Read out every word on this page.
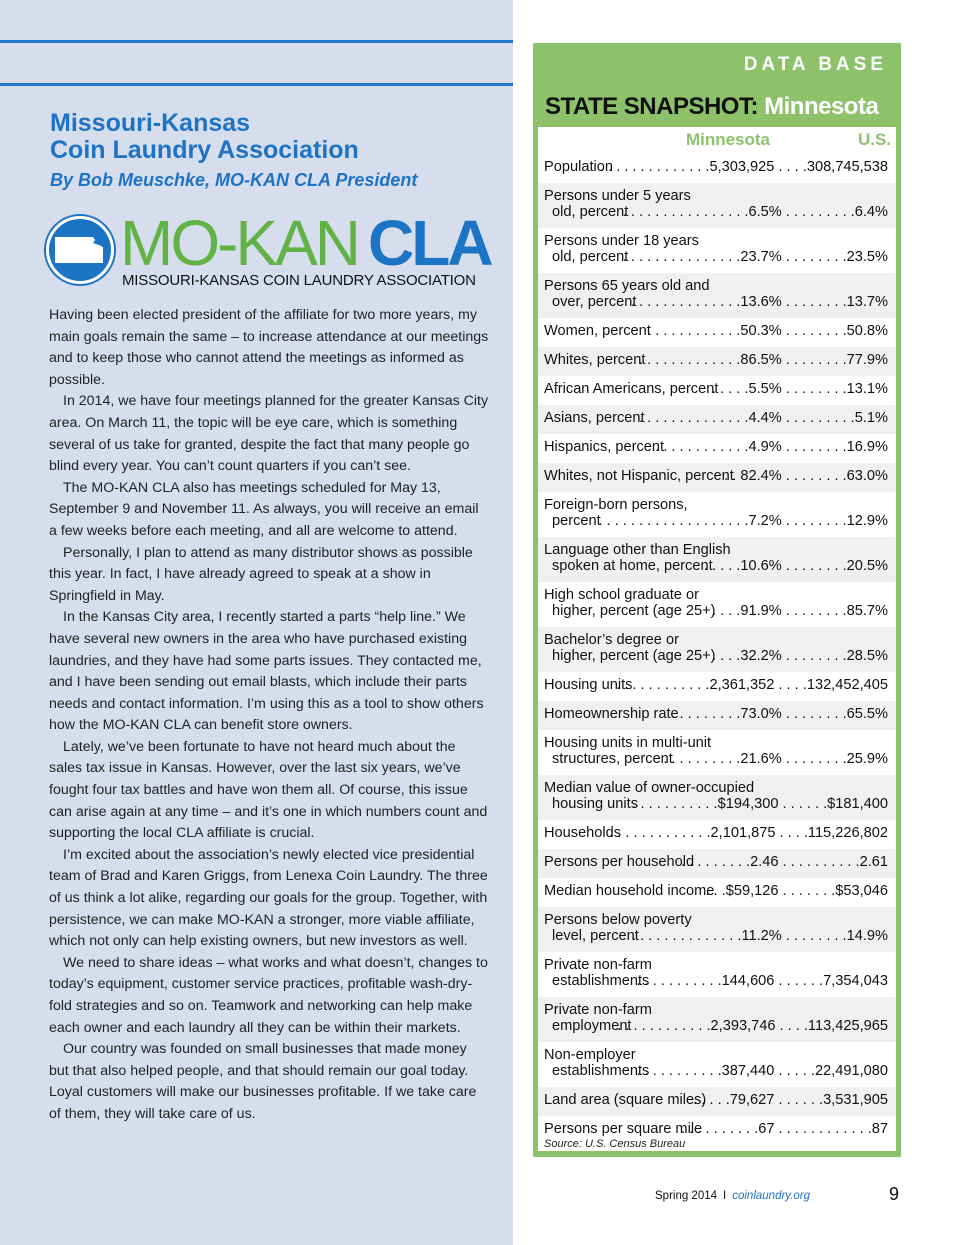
Missouri-Kansas
Coin Laundry Association
By Bob Meuschke, MO-KAN CLA President
MO-KAN CLA
MISSOURI-KANSAS COIN LAUNDRY ASSOCIATION

Having been elected president of the affiliate for two more years, my main goals remain the same – to increase attendance at our meetings and to keep those who cannot attend the meetings as informed as possible.

In 2014, we have four meetings planned for the greater Kansas City area. On March 11, the topic will be eye care, which is something several of us take for granted, despite the fact that many people go blind every year. You can’t count quarters if you can’t see.

The MO-KAN CLA also has meetings scheduled for May 13, September 9 and November 11. As always, you will receive an email a few weeks before each meeting, and all are welcome to attend.

Personally, I plan to attend as many distributor shows as possible this year. In fact, I have already agreed to speak at a show in Springfield in May.

In the Kansas City area, I recently started a parts “help line.” We have several new owners in the area who have purchased existing laundries, and they have had some parts issues. They contacted me, and I have been sending out email blasts, which include their parts needs and contact information. I’m using this as a tool to show others how the MO-KAN CLA can benefit store owners.

Lately, we’ve been fortunate to have not heard much about the sales tax issue in Kansas. However, over the last six years, we’ve fought four tax battles and have won them all. Of course, this issue can arise again at any time – and it’s one in which numbers count and supporting the local CLA affiliate is crucial.

I’m excited about the association’s newly elected vice presidential team of Brad and Karen Griggs, from Lenexa Coin Laundry. The three of us think a lot alike, regarding our goals for the group. Together, with persistence, we can make MO-KAN a stronger, more viable affiliate, which not only can help existing owners, but new investors as well.

We need to share ideas – what works and what doesn’t, changes to today’s equipment, customer service practices, profitable wash-dry-fold strategies and so on. Teamwork and networking can help make each owner and each laundry all they can be within their markets.

Our country was founded on small businesses that made money but that also helped people, and that should remain our goal today. Loyal customers will make our businesses profitable. If we take care of them, they will take care of us.

DATA BASE
STATE SNAPSHOT: Minnesota
Minnesota	U.S.
Population
. . . . . . . . . . . . . .5,303,925 . . . .308,745,538
Persons under 5 years
old, percent
. . . . . . . . . . . . . . . .6.5% . . . . . . . . .6.4%
Persons under 18 years
old, percent
. . . . . . . . . . . . . . .23.7% . . . . . . . .23.5%
Persons 65 years old and
over, percent
. . . . . . . . . . . . . .13.6% . . . . . . . .13.7%
Women, percent
. . . . . . . . . . . .50.3% . . . . . . . .50.8%
Whites, percent
. . . . . . . . . . . . .86.5% . . . . . . . .77.9%
African Americans, percent
. . . . .5.5% . . . . . . . .13.1%
Asians, percent
. . . . . . . . . . . . . .4.4% . . . . . . . . .5.1%
Hispanics, percent
. . . . . . . . . . . .4.9% . . . . . . . .16.9%
Whites, not Hispanic, percent
. . 82.4% . . . . . . . .63.0%
Foreign-born persons,
percent
. . . . . . . . . . . . . . . . . . .7.2% . . . . . . . .12.9%
Language other than English
spoken at home, percent
. . . . .10.6% . . . . . . . .20.5%
High school graduate or
higher, percent (age 25+)
. . . .91.9% . . . . . . . .85.7%
Bachelor’s degree or
higher, percent (age 25+)
. . . .32.2% . . . . . . . .28.5%
Housing units
. . . . . . . . . . . .2,361,352 . . . .132,452,405
Homeownership rate
. . . . . . . . .73.0% . . . . . . . .65.5%
Housing units in multi-unit
structures, percent
. . . . . . . . . .21.6% . . . . . . . .25.9%
Median value of owner-occupied
housing units
. . . . . . . . . . .$194,300 . . . . . .$181,400
Households
. . . . . . . . . . . . .2,101,875 . . . .115,226,802
Persons per household
. . . . . . . . .2.46 . . . . . . . . . .2.61
Median household income
. . .$59,126 . . . . . . .$53,046
Persons below poverty
level, percent
. . . . . . . . . . . . . .11.2% . . . . . . . .14.9%
Private non-farm
establishments
. . . . . . . . . . .144,606 . . . . . .7,354,043
Private non-farm
employment
. . . . . . . . . . . .2,393,746 . . . .113,425,965
Non-employer
establishments
. . . . . . . . . . .387,440 . . . . .22,491,080
Land area (square miles)
. . . . .79,627 . . . . . .3,531,905
Persons per square mile
. . . . . . . . . .67 . . . . . . . . . . . .87
Source: U.S. Census Bureau
Spring 2014 I coinlaundry.org	9
